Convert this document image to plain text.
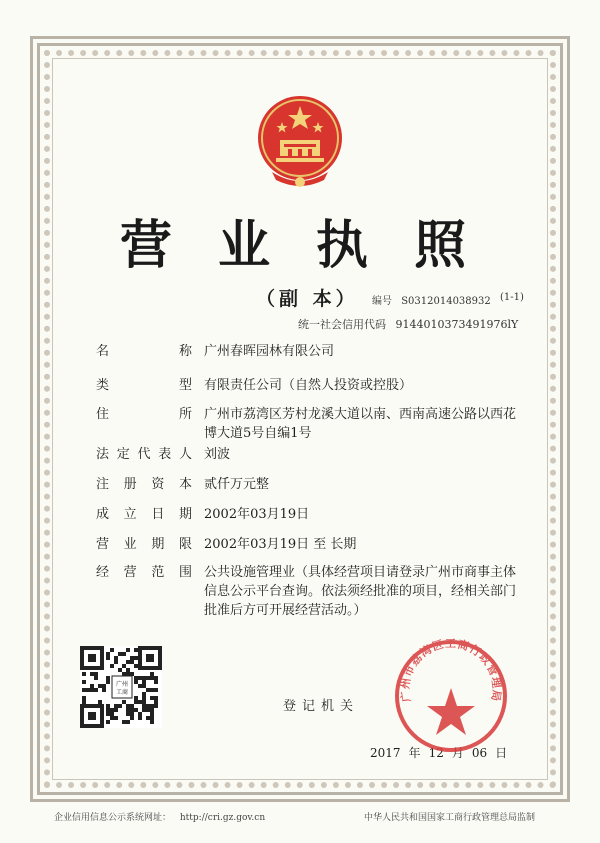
营 业 执 照
（副 本） 编号 S0312014038932 (1-1)
统一社会信用代码 9144010373491976lY
名称 广州春晖园林有限公司
类型 有限责任公司（自然人投资或控股）
住所 广州市荔湾区芳村龙溪大道以南、西南高速公路以西花博大道5号自编1号
法定代表人 刘波
注册资本 贰仟万元整
成立日期 2002年03月19日
营业期限 2002年03月19日 至 长期
经营范围 公共设施管理业（具体经营项目请登录广州市商事主体信息公示平台查询。依法须经批准的项目，经相关部门批准后方可开展经营活动。）
广州
工商
登记机关
2017 年 12 月 06 日
广州市荔湾区工商行政管理局
企业信用信息公示系统网址： http://cri.gz.gov.cn	中华人民共和国国家工商行政管理总局监制
